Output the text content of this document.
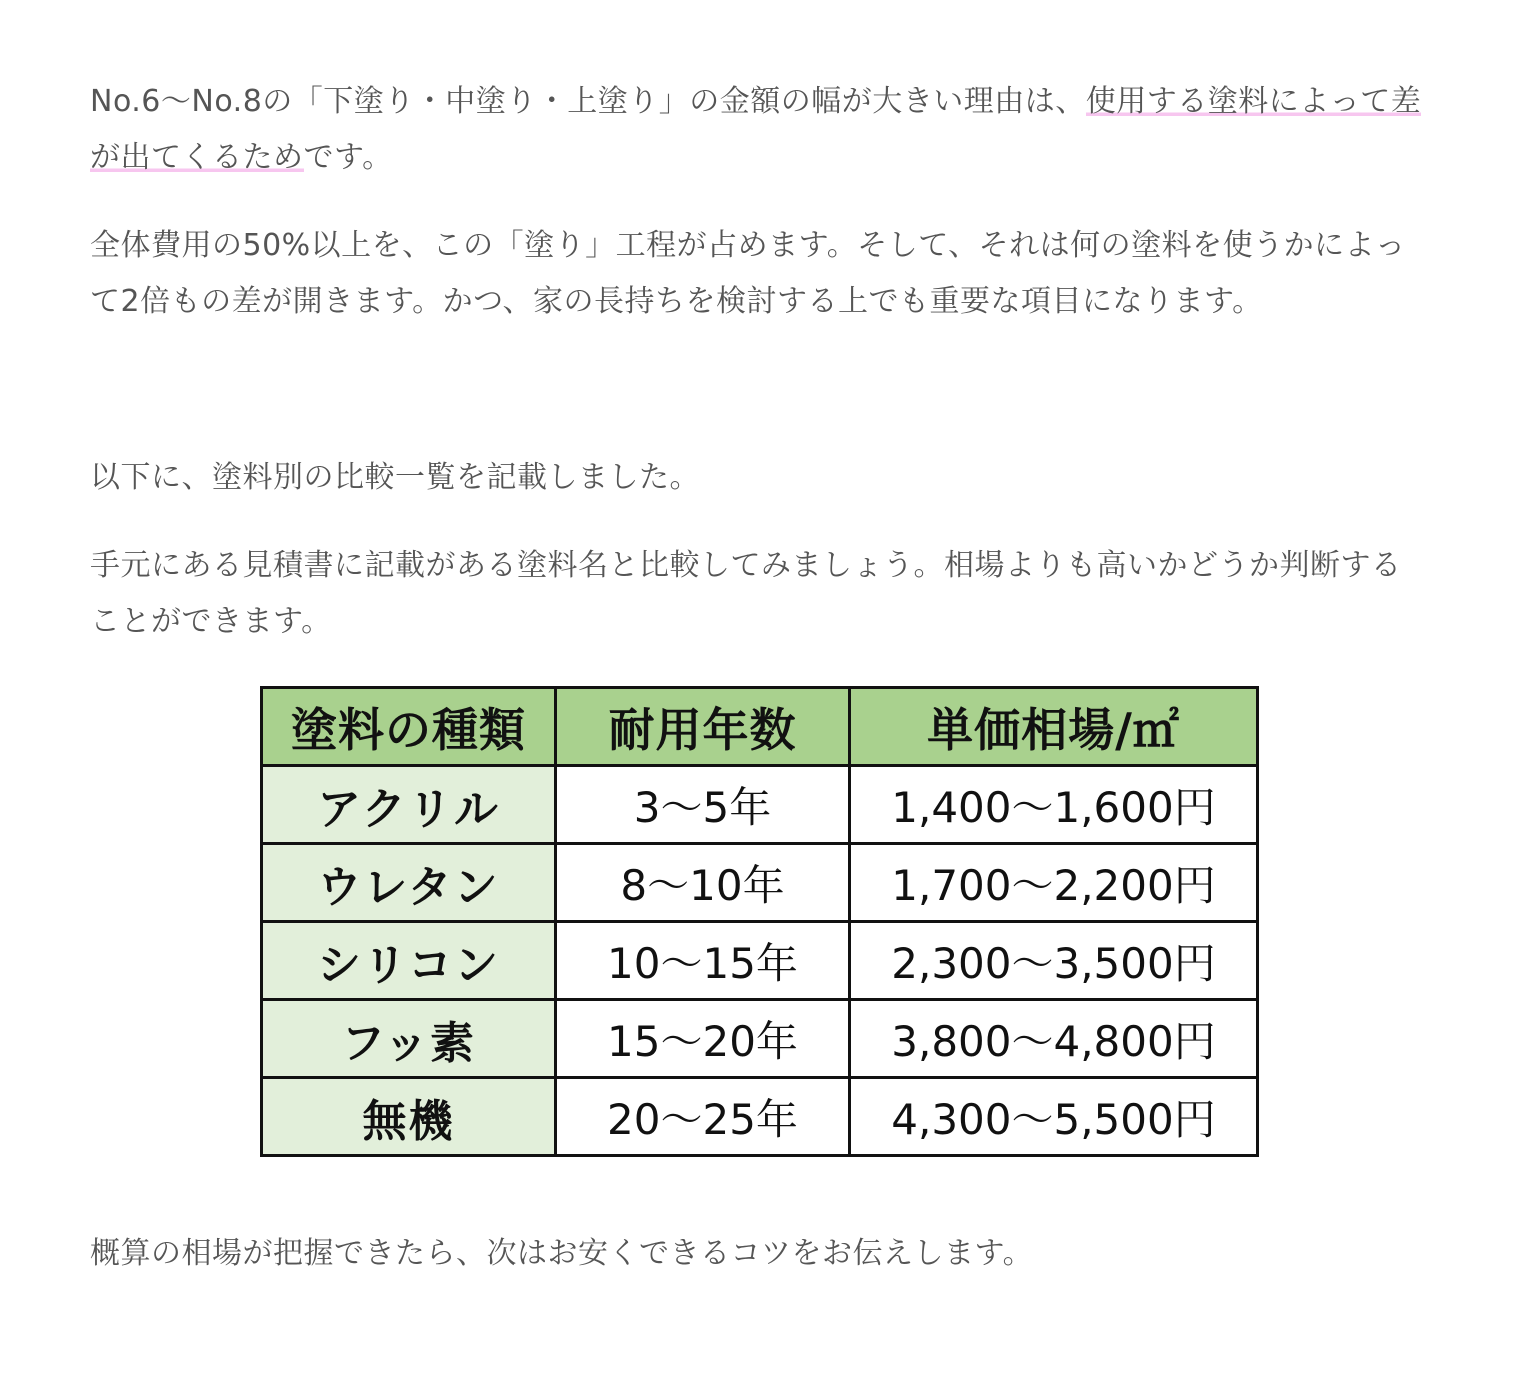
No.6〜No.8の「下塗り・中塗り・上塗り」の金額の幅が大きい理由は、使用する塗料によって差が出てくるためです。

全体費用の50%以上を、この「塗り」工程が占めます。そして、それは何の塗料を使うかによって2倍もの差が開きます。かつ、家の長持ちを検討する上でも重要な項目になります。

以下に、塗料別の比較一覧を記載しました。

手元にある見積書に記載がある塗料名と比較してみましょう。相場よりも高いかどうか判断することができます。

塗料の種類	耐用年数	単価相場/㎡
アクリル	3〜5年	1,400〜1,600円
ウレタン	8〜10年	1,700〜2,200円
シリコン	10〜15年	2,300〜3,500円
フッ素	15〜20年	3,800〜4,800円
無機	20〜25年	4,300〜5,500円

概算の相場が把握できたら、次はお安くできるコツをお伝えします。
